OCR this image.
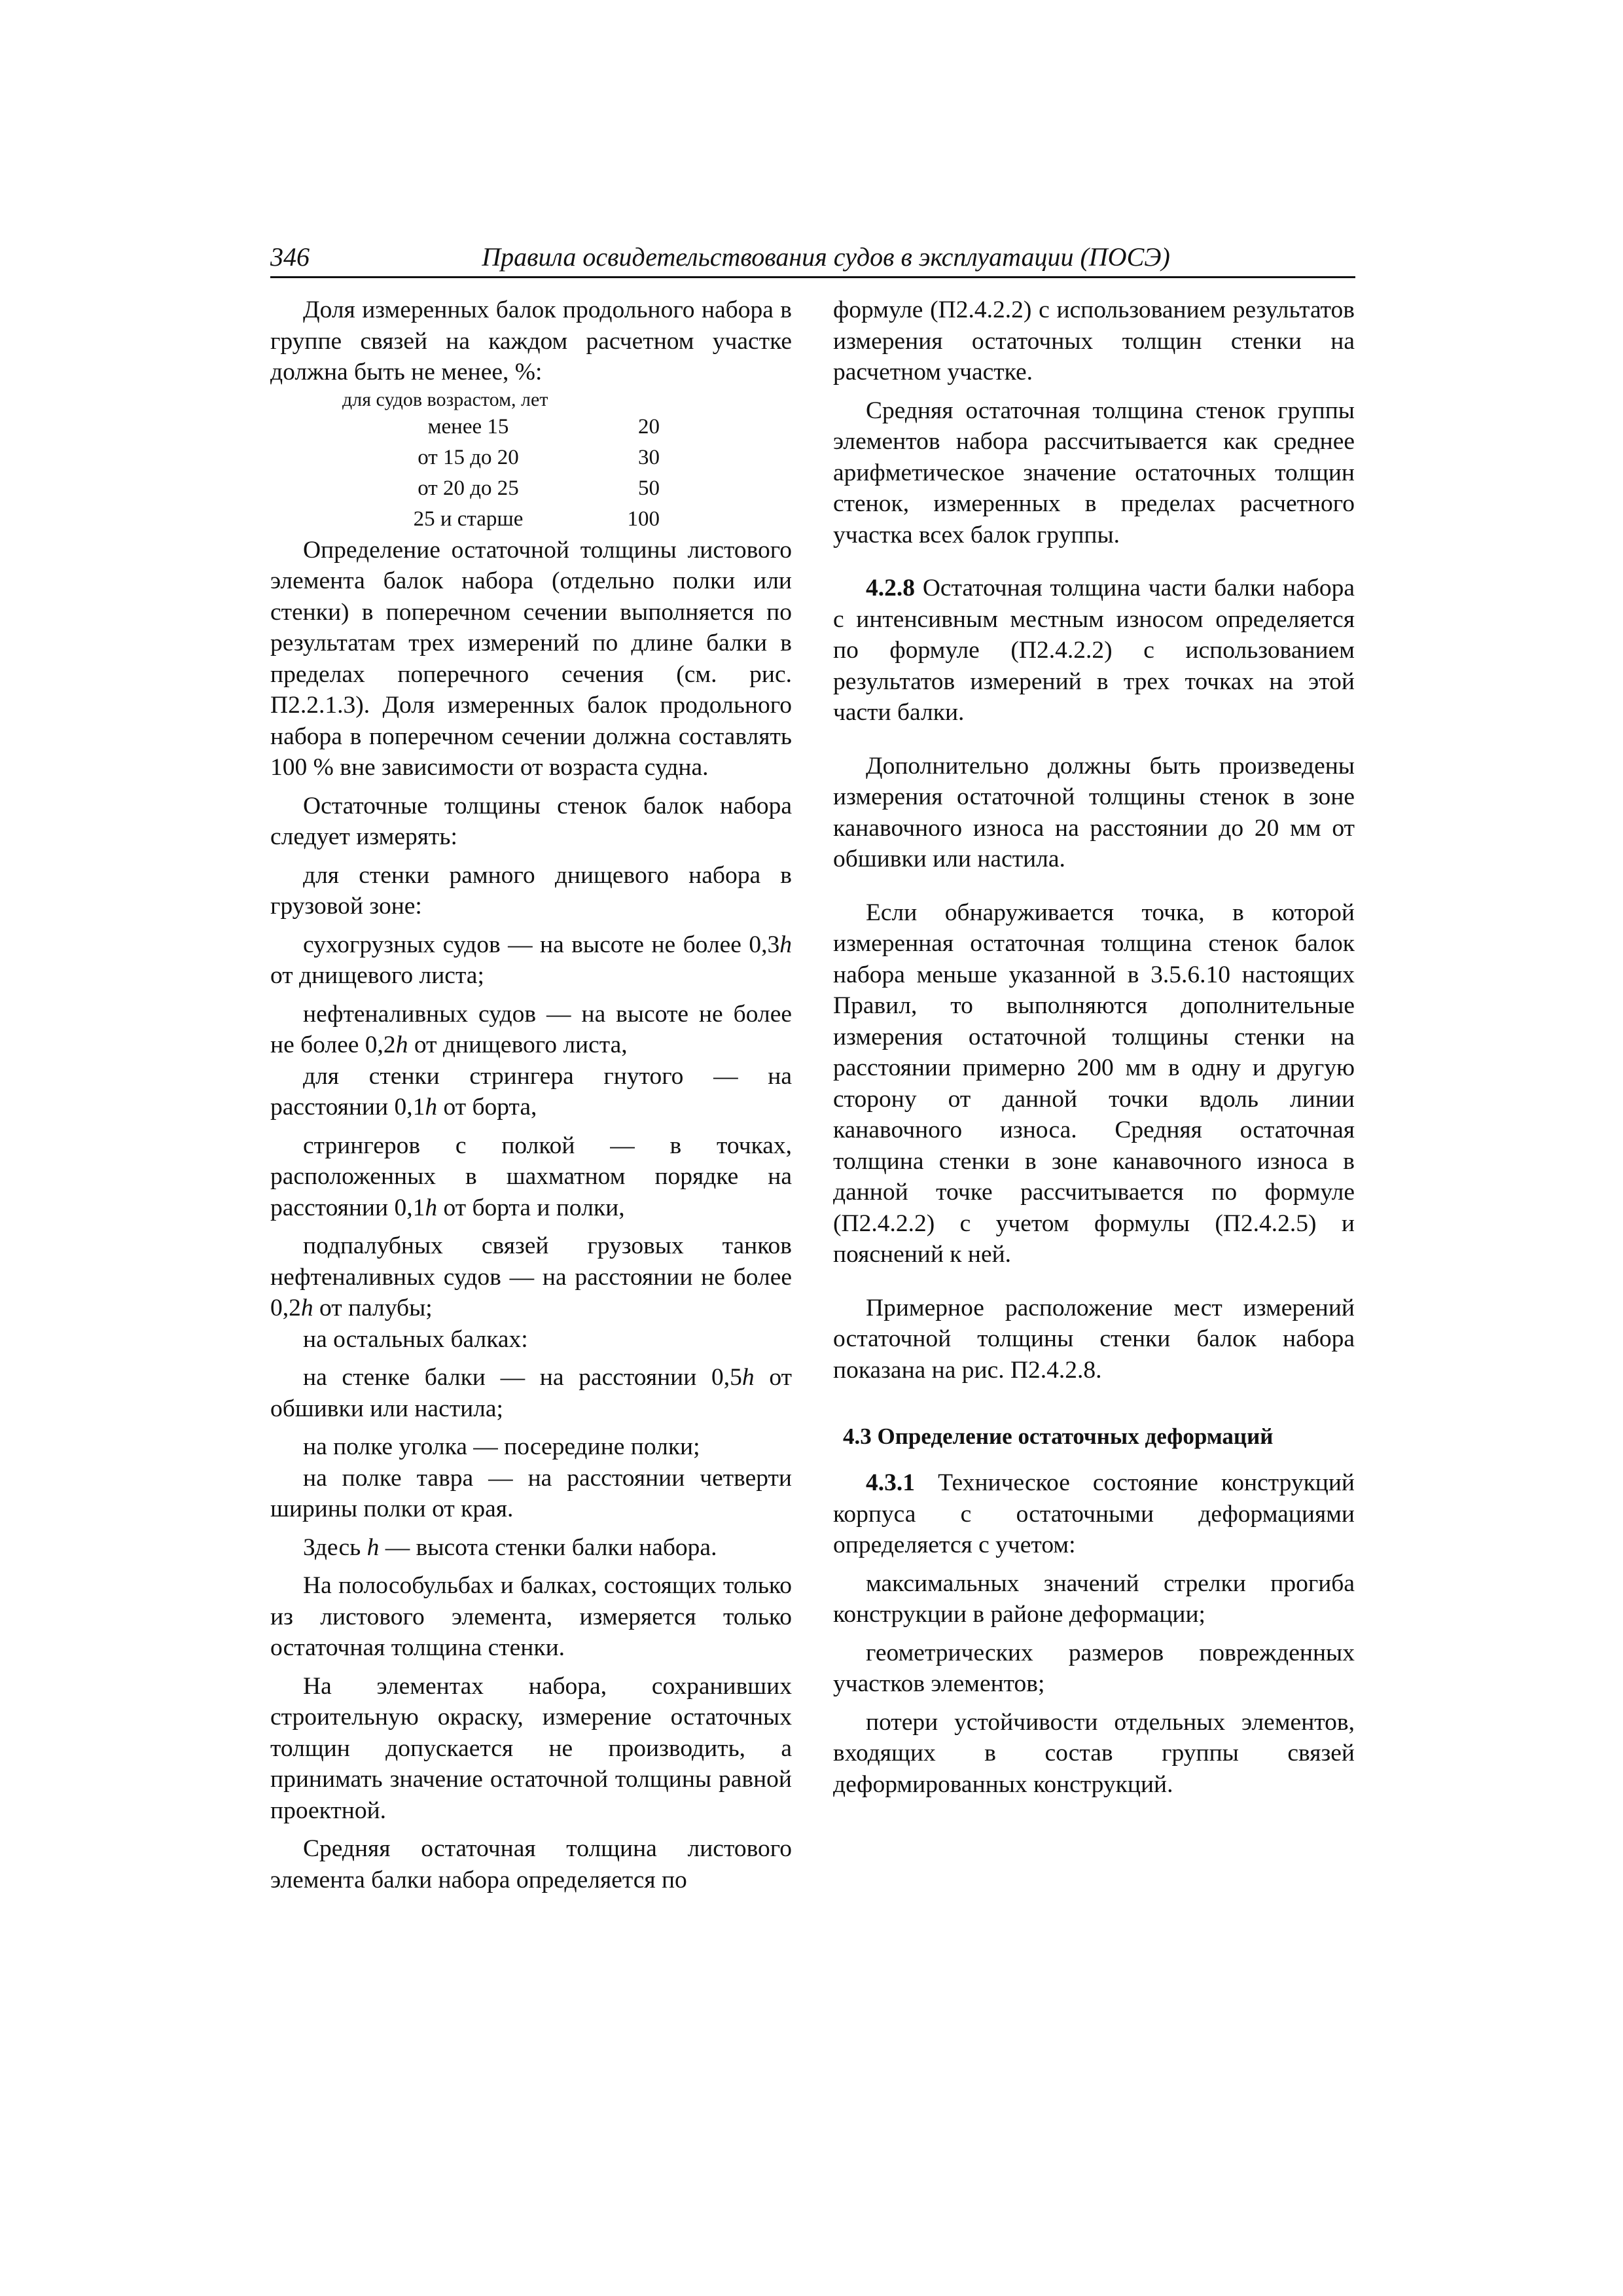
346	Правила освидетельствования судов в эксплуатации (ПОСЭ)

Доля измеренных балок продольного набора в группе связей на каждом расчетном участке должна быть не менее, %:

для судов возрастом, лет

менее 15	20
от 15 до 20	30
от 20 до 25	50
25 и старше	100

Определение остаточной толщины листового элемента балок набора (отдельно полки или стенки) в поперечном сечении выполняется по результатам трех измерений по длине балки в пределах поперечного сечения (см. рис. П2.2.1.3). Доля измеренных балок продольного набора в поперечном сечении должна составлять 100 % вне зависимости от возраста судна.

Остаточные толщины стенок балок набора следует измерять:

для стенки рамного днищевого набора в грузовой зоне:

сухогрузных судов — на высоте не более 0,3h от днищевого листа;

нефтеналивных судов — на высоте не более не более 0,2h от днищевого листа,

для стенки стрингера гнутого — на расстоянии 0,1h от борта,

стрингеров с полкой — в точках, расположенных в шахматном порядке на расстоянии 0,1h от борта и полки,

подпалубных связей грузовых танков нефтеналивных судов — на расстоянии не более 0,2h от палубы;

на остальных балках:

на стенке балки — на расстоянии 0,5h от обшивки или настила;

на полке уголка — посередине полки;

на полке тавра — на расстоянии четверти ширины полки от края.

Здесь h — высота стенки балки набора.

На полособульбах и балках, состоящих только из листового элемента, измеряется только остаточная толщина стенки.

На элементах набора, сохранивших строительную окраску, измерение остаточных толщин допускается не производить, а принимать значение остаточной толщины равной проектной.

Средняя остаточная толщина листового элемента балки набора определяется по

формуле (П2.4.2.2) с использованием результатов измерения остаточных толщин стенки на расчетном участке.

Средняя остаточная толщина стенок группы элементов набора рассчитывается как среднее арифметическое значение остаточных толщин стенок, измеренных в пределах расчетного участка всех балок группы.

4.2.8 Остаточная толщина части балки набора с интенсивным местным износом определяется по формуле (П2.4.2.2) с использованием результатов измерений в трех точках на этой части балки.

Дополнительно должны быть произведены измерения остаточной толщины стенок в зоне канавочного износа на расстоянии до 20 мм от обшивки или настила.

Если обнаруживается точка, в которой измеренная остаточная толщина стенок балок набора меньше указанной в 3.5.6.10 настоящих Правил, то выполняются дополнительные измерения остаточной толщины стенки на расстоянии примерно 200 мм в одну и другую сторону от данной точки вдоль линии канавочного износа. Средняя остаточная толщина стенки в зоне канавочного износа в данной точке рассчитывается по формуле (П2.4.2.2) с учетом формулы (П2.4.2.5) и пояснений к ней.

Примерное расположение мест измерений остаточной толщины стенки балок набора показана на рис. П2.4.2.8.

4.3 Определение остаточных деформаций

4.3.1 Техническое состояние конструкций корпуса с остаточными деформациями определяется с учетом:

максимальных значений стрелки прогиба конструкции в районе деформации;

геометрических размеров поврежденных участков элементов;

потери устойчивости отдельных элементов, входящих в состав группы связей деформированных конструкций.
